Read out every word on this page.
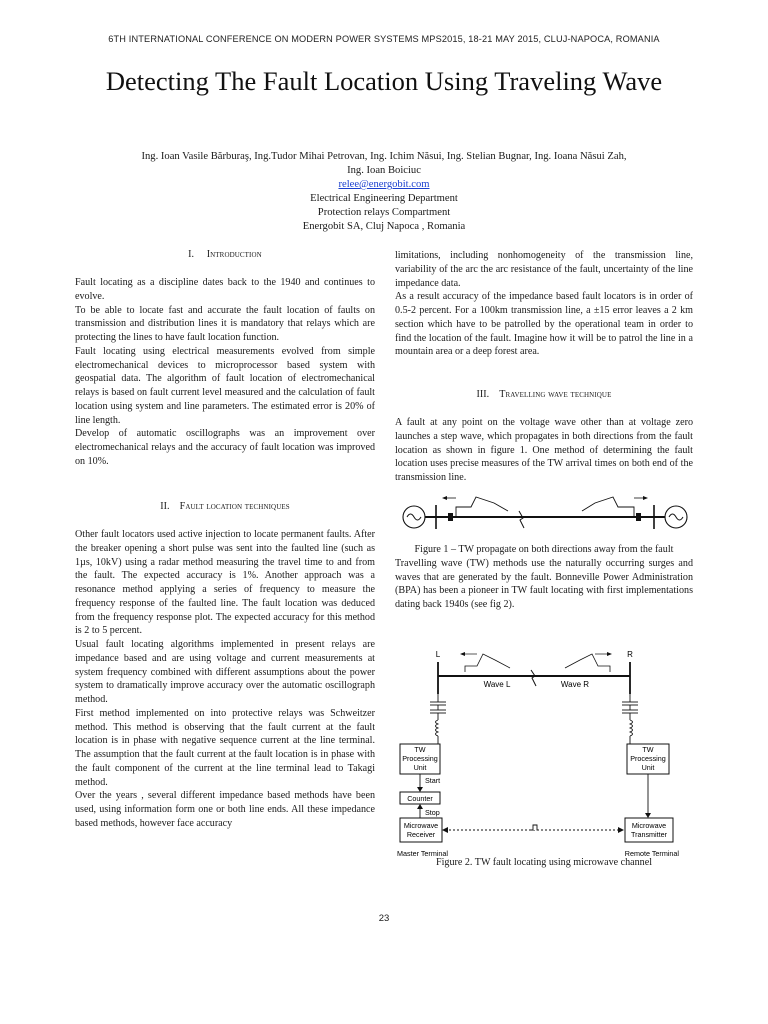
6TH INTERNATIONAL CONFERENCE ON MODERN POWER SYSTEMS MPS2015, 18-21 MAY 2015, CLUJ-NAPOCA, ROMANIA
Detecting The Fault Location Using Traveling Wave
Ing. Ioan Vasile Bărburaş, Ing.Tudor Mihai Petrovan, Ing. Ichim Năsui, Ing. Stelian Bugnar, Ing. Ioana Năsui Zah,
Ing. Ioan Boiciuc
relee@energobit.com
Electrical Engineering Department
Protection relays Compartment
Energobit SA, Cluj Napoca , Romania

I. Introduction

Fault locating as a discipline dates back to the 1940 and continues to evolve.

To be able to locate fast and accurate the fault location of faults on transmission and distribution lines it is mandatory that relays which are protecting the lines to have fault location function.

Fault locating using electrical measurements evolved from simple electromechanical devices to microprocessor based system with geospatial data. The algorithm of fault location of electromechanical relays is based on fault current level measured and the calculation of fault location using system and line parameters. The estimated error is 20% of line length.

Develop of automatic oscillographs was an improvement over electromechanical relays and the accuracy of fault location was improved on 10%.

II. Fault location techniques

Other fault locators used active injection to locate permanent faults. After the breaker opening a short pulse was sent into the faulted line (such as 1µs, 10kV) using a radar method measuring the travel time to and from the fault. The expected accuracy is 1%. Another approach was a resonance method applying a series of frequency to measure the frequency response of the faulted line. The fault location was deduced from the frequency response plot. The expected accuracy for this method is 2 to 5 percent.

Usual fault locating algorithms implemented in present relays are impedance based and are using voltage and current measurements at system frequency combined with different assumptions about the power system to dramatically improve accuracy over the automatic oscillograph method.

First method implemented on into protective relays was Schweitzer method. This method is observing that the fault current at the fault location is in phase with negative sequence current at the line terminal. The assumption that the fault current at the fault location is in phase with the fault component of the current at the line terminal lead to Takagi method.

Over the years , several different impedance based methods have been used, using information form one or both line ends. All these impedance based methods, however face accuracy

limitations, including nonhomogeneity of the transmission line, variability of the arc the arc resistance of the fault, uncertainty of the line impedance data.

As a result accuracy of the impedance based fault locators is in order of 0.5-2 percent. For a 100km transmission line, a ±15 error leaves a 2 km section which have to be patrolled by the operational team in order to find the location of the fault. Imagine how it will be to patrol the line in a mountain area or a deep forest area.

III. Travelling wave technique

A fault at any point on the voltage wave other than at voltage zero launches a step wave, which propagates in both directions from the fault location as shown in figure 1. One method of determining the fault location uses precise measures of the TW arrival times on both end of the transmission line.

Figure 1 – TW propagate on both directions away from the fault

Travelling wave (TW) methods use the naturally occurring surges and waves that are generated by the fault. Bonneville Power Administration (BPA) has been a pioneer in TW fault locating with first implementations dating back 1940s (see fig 2).

L	R
Wave L	Wave R
TW
Processing
Unit
TW
Processing
Unit
Start
Counter
Stop
Microwave
Receiver
Microwave
Transmitter
Master Terminal	Remote Terminal

Figure 2. TW fault locating using microwave channel

23
